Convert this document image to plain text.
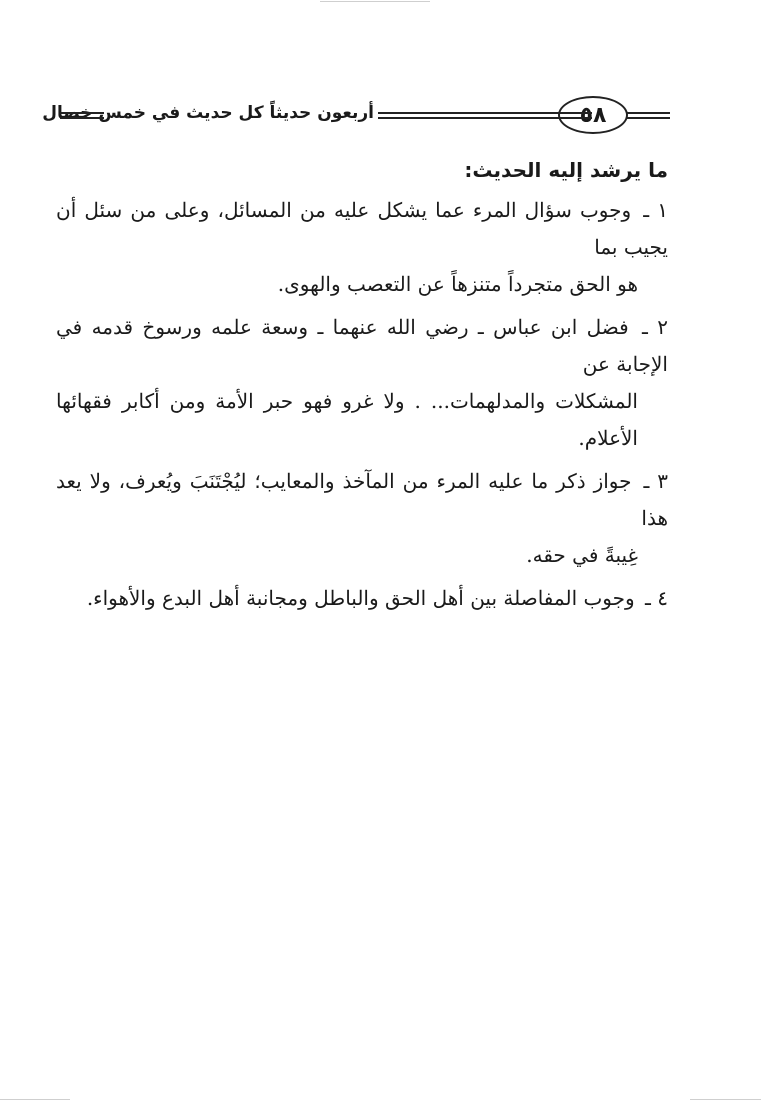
٥٨
أربعون حديثاً كل حديث في خمس خصال
ما يرشد إليه الحديث:

١ ـ وجوب سؤال المرء عما يشكل عليه من المسائل، وعلى من سئل أن يجيب بما
هو الحق متجرداً متنزهاً عن التعصب والهوى.

٢ ـ فضل ابن عباس ـ رضي الله عنهما ـ وسعة علمه ورسوخ قدمه في الإجابة عن
المشكلات والمدلهمات... . ولا غرو فهو حبر الأمة ومن أكابر فقهائها الأعلام.

٣ ـ جواز ذكر ما عليه المرء من المآخذ والمعايب؛ ليُجْتَنَبَ ويُعرف، ولا يعد هذا
غِيبةً في حقه.

٤ ـ وجوب المفاصلة بين أهل الحق والباطل ومجانبة أهل البدع والأهواء.
